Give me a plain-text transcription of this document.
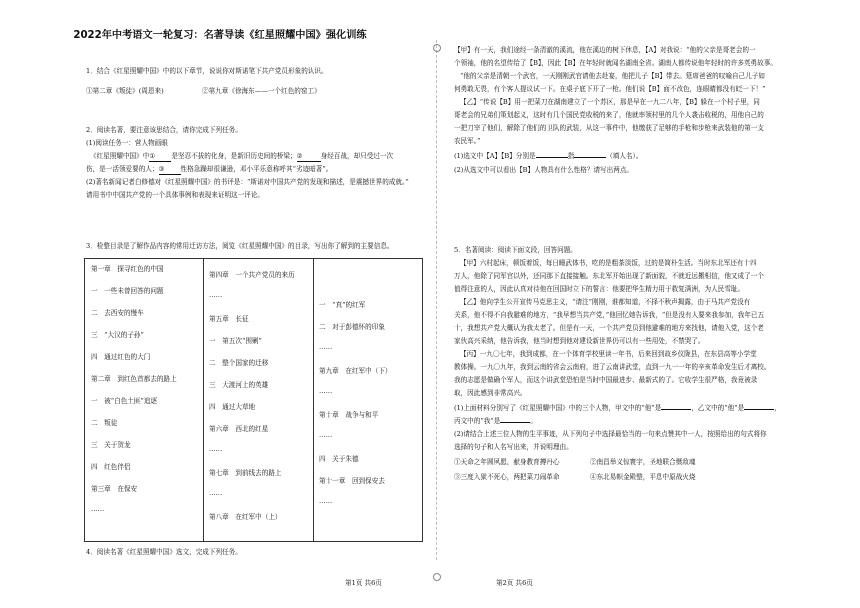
2022年中考语文一轮复习：名著导读《红星照耀中国》强化训练
1．结合《红星照耀中国》中的以下章节，说说你对斯诺笔下共产党员形象的认识。
①第二章《叛徒》(周恩来)	②第九章《徐海东——一个红色的窑工》
2．阅读名著，要注意该思结合，请你完成下列任务。
(1)阅读任务一：营人物画眼
《红星照耀中国》中① 是坚忍不拔的化身，是新旧历史间的桥梁；②	身经百战，却只受过一次
伤，是一活领爱要的人；③ 性格急躁却很谦逊，邓小平乐意称呼其“劣迹暗著”。
(2)著名新闻记者白修德对《红星照耀中国》的书评是：“斯诺对中国共产党的发现和描述，是震撼世界的成就。”
请用书中中国共产党的一个具体事例和表现来证明这一评论。
3．检整目录是了解作品内容的常用迁访方法，阅览《红星照耀中国》的目录，写出你了解到的主要信息。
第一章　探寻红色的中国
一　一些未曾回答的问题
二　去西安的慢车
三　“大汉的子孙”
四　通过红色的大门
第二章　到红色首都去的路上
一　被“白色土匪”追逐
二　叛徒
三　关于贺龙
四　红色伴侣
第三章　在保安
……
第四章　一个共产党员的来历
……
第五章　长征
一　第五次“围剿”
二　整个国家的迁移
三　大渡河上的英雄
四　通过大草地
第六章　西北的红星
……
第七章　到前线去的路上
……
第八章　在红军中（上）
一　“真”的红军
二　对于彭德怀的印象
……
第九章　在红军中（下）
……
第十章　战争与和平
……
四　关于朱德
第十一章　回到保安去
……
4．阅读名著《红星照耀中国》选文，完成下列任务。
第1页 共6页
【甲】有一天，我们途经一条清澈的溪流，他在溪边的树下休息，【A】对我说：“他的父亲是哥老会的一
个领袖，他的名望传给了【B】，因此【B】在年轻时就闻名湖南全省。湖南人都传说他年轻时的许多英勇故事。
“他的父亲是清朝一个武官，一天刚刚武官请他去赴宴，他把儿子【B】带去。筵席爸爸的叹喻自己儿子如
何勇敢无畏，有个客人提议试一下。在桌子底下开了一枪。他们说【B】面不改色，连眼睛都没有眨一下！”
【乙】“传说【B】用一把菜刀在湖南建立了一个苏区，那是早在一九二八年，【B】躲在一个村子里，同
哥老会的兄弟们策划起义，这时有几个国民党收税的来了，他就率领村里的几个人袭击收税的，用他自己的
一把刀宰了他们，解除了他们的卫队的武装，从这一事件中，他缴获了足够的手枪和步枪来武装他的第一支
农民军。”
(1)选文中【A】【B】分别是	指	（填人名）。
(2)从选文中可以看出【B】人物具有什么性格？请写出两点。
5．名著阅读：阅读下面文段，回答问题。
【甲】六村起床，顿饭着饭，每日睡武体书，吃的是粗茶淡饭，过的是简朴生活。当时东北军还有十四
万人，他除了同军官以外，还同那下直接接触。东北军开始出现了新面貌，不就近远搬相信，他又成了一个
值得注意的人，因此认真对待他在回国时立下的誓言：他要把华生精力用于救复满洲，为人民雪耻。
【乙】他向学生公开宣传马克思主义，“请注”刚刚，谁都知道，不择不秋声揭露，由于马共产党没有
关系，他不得不自我避难的地方，“我早想当共产党，”他回忆她告诉我，“但是没有人要来我参加，我年已五
十，我想共产党大概认为我太老了。但是有一天，一个共产党员到他避难的地方来找他，请他入党，这个老
家伙高兴采纳，他告诉我，他当时想到他对建设新世界仍可以有一些用处，不禁哭了。
【丙】一九〇七年，我到成都，在一个体育学校里读一年书，后来回到故乡仪陇县，在东县高等小学堂
教体操。一九〇九年，我到云南的省会云南府，进了云南讲武堂，直到一九一一年的辛亥革命发生后才离校。
我的志愿是做确个军人，而这个讲武堂恐怕是当时中国最进步、最新式的了。它收学生很严格，我竟被录
取，因此感到非常高兴。
(1)上面材料分别写了《红星照耀中国》中的三个人物，甲文中的“他”是	，乙文中的“他”是	，
丙文中的“我”是	。
(2)请结合上述三位人物的生平事迹，从下列句子中选择最恰当的一句来点赞其中一人，按照给出的句式将你
选择的句子和人名写出来，并说明理由。
①天命之年圆夙愿，献身教育搏丹心	②南昌举义惊寰宇，圣地联合慑敌魂
③三度入狱不死心，两把菜刀闹革命	④东北易帜金殿整，平息中原战火烧
第2页 共6页
